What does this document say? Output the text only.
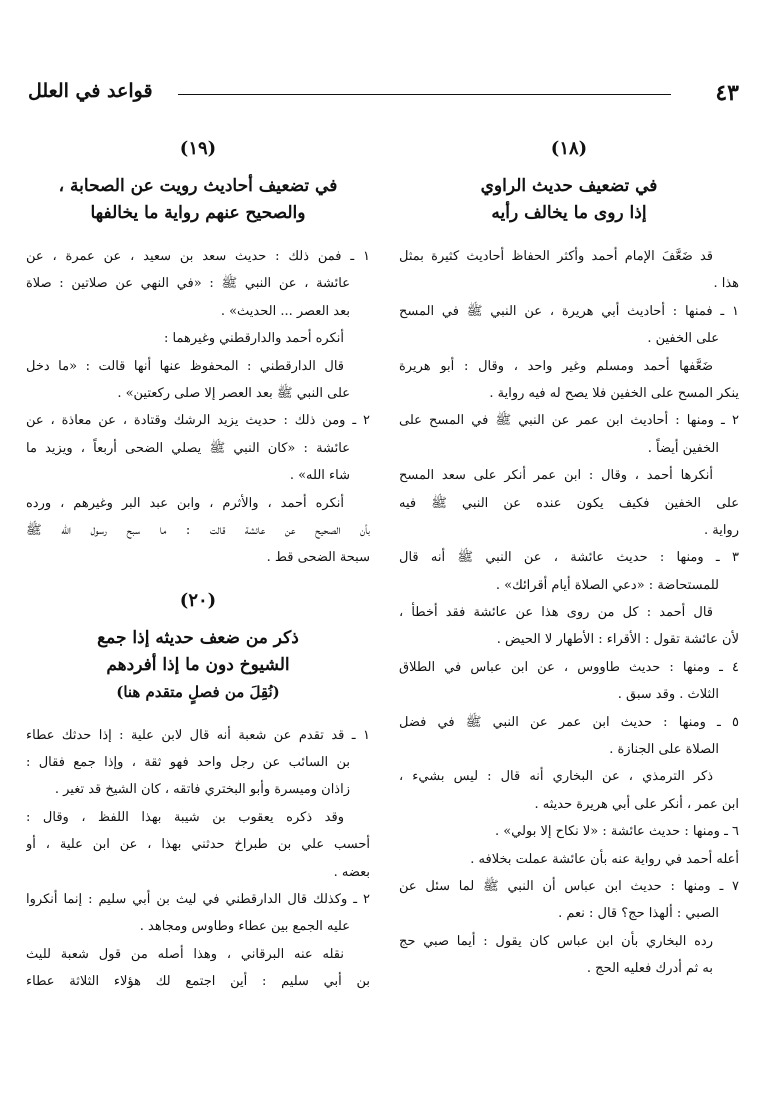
٤٣
قواعد في العلل
(١٨)
في تضعيف حديث الراوي
إذا روى ما يخالف رأيه
قد ضَعَّفَ الإمام أحمد وأكثر الحفاظ أحاديث كثيرة بمثل
هذا .
١ ـ فمنها : أحاديث أبي هريرة ، عن النبي ﷺ في المسح
على الخفين .
ضَعَّفها أحمد ومسلم وغير واحد ، وقال : أبو هريرة
ينكر المسح على الخفين فلا يصح له فيه رواية .
٢ ـ ومنها : أحاديث ابن عمر عن النبي ﷺ في المسح على
الخفين أيضاً .
أنكرها أحمد ، وقال : ابن عمر أنكر على سعد المسح
على الخفين فكيف يكون عنده عن النبي ﷺ فيه
رواية .
٣ ـ ومنها : حديث عائشة ، عن النبي ﷺ أنه قال
للمستحاضة : «دعي الصلاة أيام أقرائك» .
قال أحمد : كل من روى هذا عن عائشة فقد أخطأ ،
لأن عائشة تقول : الأقراء : الأطهار لا الحيض .
٤ ـ ومنها : حديث طاووس ، عن ابن عباس في الطلاق
الثلاث . وقد سبق .
٥ ـ ومنها : حديث ابن عمر عن النبي ﷺ في فضل
الصلاة على الجنازة .
ذكر الترمذي ، عن البخاري أنه قال : ليس بشيء ،
ابن عمر ، أنكر على أبي هريرة حديثه .
٦ ـ ومنها : حديث عائشة : «لا نكاح إلا بولي» .
أعله أحمد في رواية عنه بأن عائشة عملت بخلافه .
٧ ـ ومنها : حديث ابن عباس أن النبي ﷺ لما سئل عن
الصبي : ألهذا حج؟ قال : نعم .
رده البخاري بأن ابن عباس كان يقول : أيما صبي حج
به ثم أدرك فعليه الحج .
(١٩)
في تضعيف أحاديث رويت عن الصحابة ،
والصحيح عنهم رواية ما يخالفها
١ ـ فمن ذلك : حديث سعد بن سعيد ، عن عمرة ، عن
عائشة ، عن النبي ﷺ : «في النهي عن صلاتين : صلاة
بعد العصر ... الحديث» .
أنكره أحمد والدارقطني وغيرهما :
قال الدارقطني : المحفوظ عنها أنها قالت : «ما دخل
على النبي ﷺ بعد العصر إلا صلى ركعتين» .
٢ ـ ومن ذلك : حديث يزيد الرشك وقتادة ، عن معاذة ، عن
عائشة : «كان النبي ﷺ يصلي الضحى أربعاً ، ويزيد ما
شاء الله» .
أنكره أحمد ، والأثرم ، وابن عبد البر وغيرهم ، ورده
بأن الصحيح عن عائشة قالت : ما سبح رسول الله ﷺ
سبحة الضحى قط .
(٢٠)
ذكر من ضعف حديثه إذا جمع
الشيوخ دون ما إذا أفردهم
(نُقِلَ من فصلٍ متقدم هنا)
١ ـ قد تقدم عن شعبة أنه قال لابن علية : إذا حدثك عطاء
بن السائب عن رجل واحد فهو ثقة ، وإذا جمع فقال :
زاذان وميسرة وأبو البختري فاتقه ، كان الشيخ قد تغير .
وقد ذكره يعقوب بن شيبة بهذا اللفظ ، وقال :
أحسب علي بن طبراخ حدثني بهذا ، عن ابن علية ، أو
بعضه .
٢ ـ وكذلك قال الدارقطني في ليث بن أبي سليم : إنما أنكروا
عليه الجمع بين عطاء وطاوس ومجاهد .
نقله عنه البرقاني ، وهذا أصله من قول شعبة لليث
بن أبي سليم : أين اجتمع لك هؤلاء الثلاثة عطاء
